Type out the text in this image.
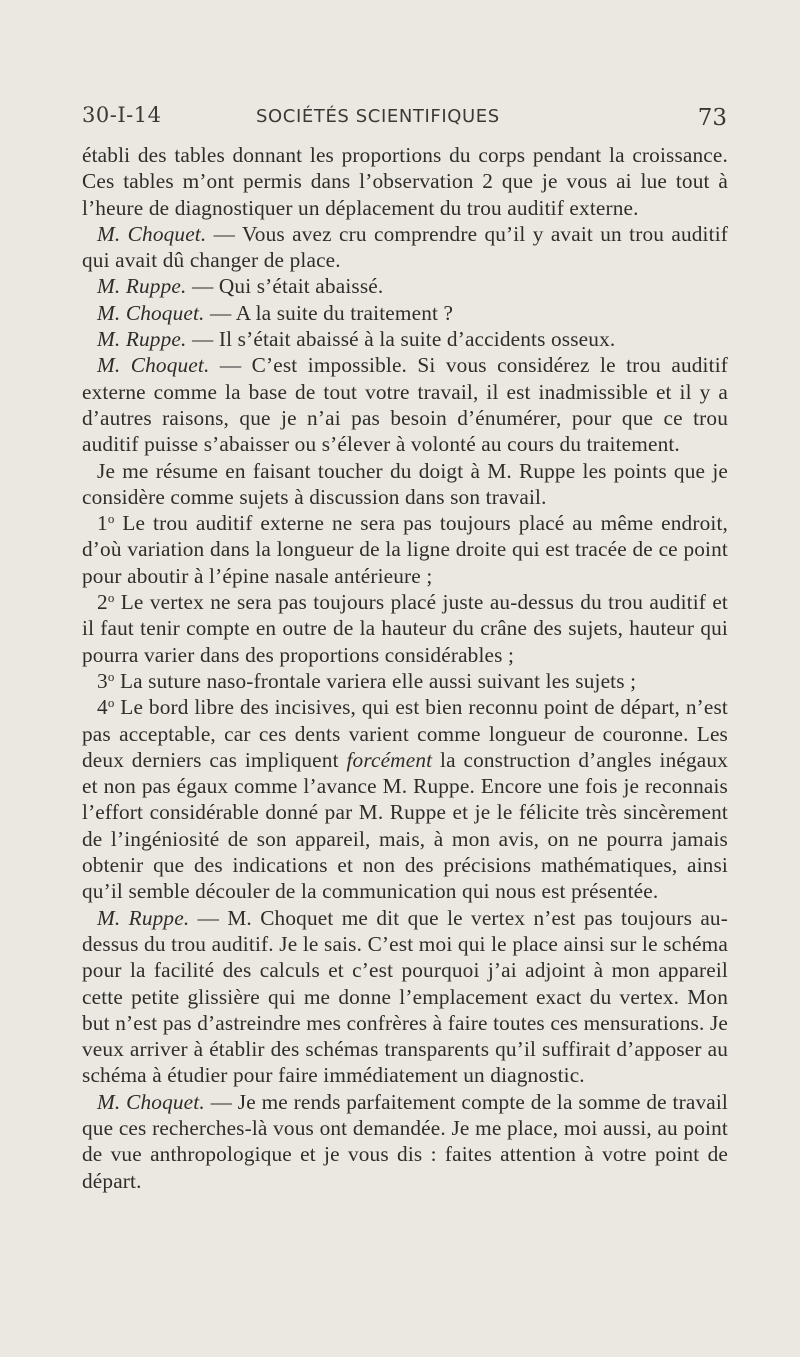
30-I-14	SOCIÉTÉS SCIENTIFIQUES	73

établi des tables donnant les proportions du corps pendant la croissance. Ces tables m’ont permis dans l’observation 2 que je vous ai lue tout à l’heure de diagnostiquer un déplacement du trou auditif externe.

M. Choquet. — Vous avez cru comprendre qu’il y avait un trou auditif qui avait dû changer de place.

M. Ruppe. — Qui s’était abaissé.

M. Choquet. — A la suite du traitement ?

M. Ruppe. — Il s’était abaissé à la suite d’accidents osseux.

M. Choquet. — C’est impossible. Si vous considérez le trou auditif externe comme la base de tout votre travail, il est inadmissible et il y a d’autres raisons, que je n’ai pas besoin d’énumérer, pour que ce trou auditif puisse s’abaisser ou s’élever à volonté au cours du traitement.

Je me résume en faisant toucher du doigt à M. Ruppe les points que je considère comme sujets à discussion dans son travail.

1$^o$ Le trou auditif externe ne sera pas toujours placé au même endroit, d’où variation dans la longueur de la ligne droite qui est tracée de ce point pour aboutir à l’épine nasale antérieure ;

2$^o$ Le vertex ne sera pas toujours placé juste au-dessus du trou auditif et il faut tenir compte en outre de la hauteur du crâne des sujets, hauteur qui pourra varier dans des proportions considérables ;

3$^o$ La suture naso-frontale variera elle aussi suivant les sujets ;

4$^o$ Le bord libre des incisives, qui est bien reconnu point de départ, n’est pas acceptable, car ces dents varient comme longueur de couronne. Les deux derniers cas impliquent forcément la construction d’angles inégaux et non pas égaux comme l’avance M. Ruppe. Encore une fois je reconnais l’effort considérable donné par M. Ruppe et je le félicite très sincèrement de l’ingéniosité de son appareil, mais, à mon avis, on ne pourra jamais obtenir que des indications et non des précisions mathématiques, ainsi qu’il semble découler de la communication qui nous est présentée.

M. Ruppe. — M. Choquet me dit que le vertex n’est pas toujours au-dessus du trou auditif. Je le sais. C’est moi qui le place ainsi sur le schéma pour la facilité des calculs et c’est pourquoi j’ai adjoint à mon appareil cette petite glissière qui me donne l’emplacement exact du vertex. Mon but n’est pas d’astreindre mes confrères à faire toutes ces mensurations. Je veux arriver à établir des schémas transparents qu’il suffirait d’apposer au schéma à étudier pour faire immédiatement un diagnostic.

M. Choquet. — Je me rends parfaitement compte de la somme de travail que ces recherches-là vous ont demandée. Je me place, moi aussi, au point de vue anthropologique et je vous dis : faites attention à votre point de départ.
